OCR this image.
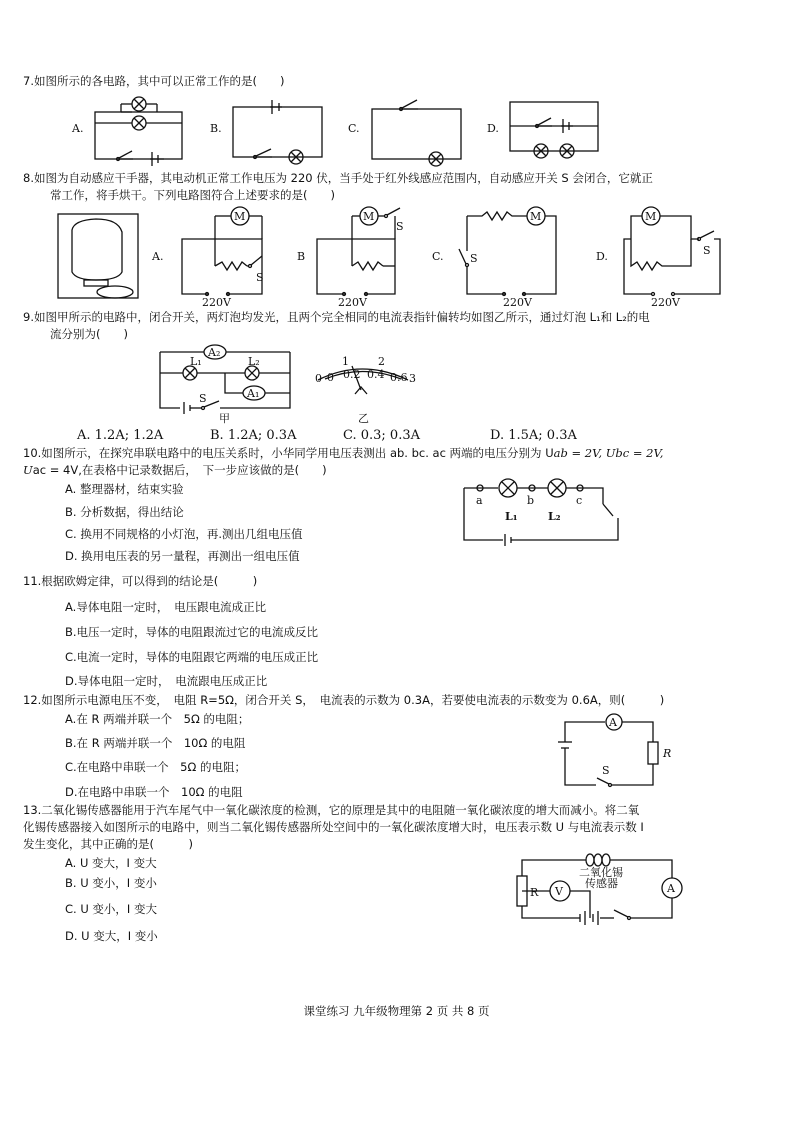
7.如图所示的各电路，其中可以正常工作的是(　　)
A.	B.	C.	D.
8.如图为自动感应干手器，其电动机正常工作电压为 220 伏，当手处于红外线感应范围内，自动感应开关 S 会闭合，它就正
常工作，将手烘干。下列电路图符合上述要求的是(　　)
A.
220V
M
S
B
220V
M
S
C. S
M
220V
D.
M
S
220V
9.如图甲所示的电路中，闭合开关，两灯泡均发光，且两个完全相同的电流表指针偏转均如图乙所示，通过灯泡 L₁和 L₂的电
流分别为(　　)
S
A₂
L₁	L₂
A₁
甲
0
1	2
3
0 0.2 0.4 0.6
乙
A. 1.2A; 1.2A	B. 1.2A; 0.3A	C. 0.3; 0.3A	D. 1.5A; 0.3A
10.如图所示，在探究串联电路中的电压关系时，小华同学用电压表测出 ab. bc. ac 两端的电压分别为 Uab = 2V, Ubc = 2V,
Uac = 4V,在表格中记录数据后，　下一步应该做的是(　　)
A. 整理器材，结束实验
B. 分析数据，得出结论
C. 换用不同规格的小灯泡，再.测出几组电压值
D. 换用电压表的另一量程，再测出一组电压值
a	b	c
L₁	L₂
11.根据欧姆定律，可以得到的结论是(　　　)
A.导体电阻一定时，　电压跟电流成正比
B.电压一定时，导体的电阻跟流过它的电流成反比
C.电流一定时，导体的电阻跟它两端的电压成正比
D.导体电阻一定时，　电流跟电压成正比
12.如图所示电源电压不变，　电阻 R=5Ω，闭合开关 S，　电流表的示数为 0.3A，若要使电流表的示数变为 0.6A，则(　　　)
A.在 R 两端并联一个　5Ω 的电阻；
B.在 R 两端并联一个　10Ω 的电阻
C.在电路中串联一个　5Ω 的电阻；
D.在电路中串联一个　10Ω 的电阻
A
R
S
13.二氧化锡传感器能用于汽车尾气中一氧化碳浓度的检测，它的原理是其中的电阻随一氧化碳浓度的增大而减小。将二氧
化锡传感器接入如图所示的电路中，则当二氧化锡传感器所处空间中的一氧化碳浓度增大时，电压表示数 U 与电流表示数 I
发生变化，其中正确的是(　　　)
A. U 变大，I 变大
B. U 变小，I 变小
C. U 变小，I 变大
D. U 变大，I 变小
二氧化锡
传感器	A
R V
课堂练习 九年级物理第 2 页 共 8 页
